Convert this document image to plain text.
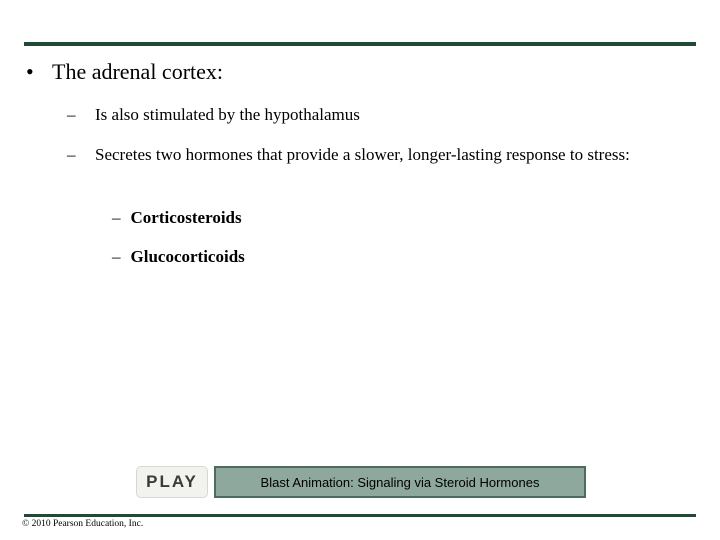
• The adrenal cortex:
– Is also stimulated by the hypothalamus
– Secretes two hormones that provide a slower, longer-lasting response to stress:
– Corticosteroids
– Glucocorticoids
PLAY	Blast Animation: Signaling via Steroid Hormones
© 2010 Pearson Education, Inc.
